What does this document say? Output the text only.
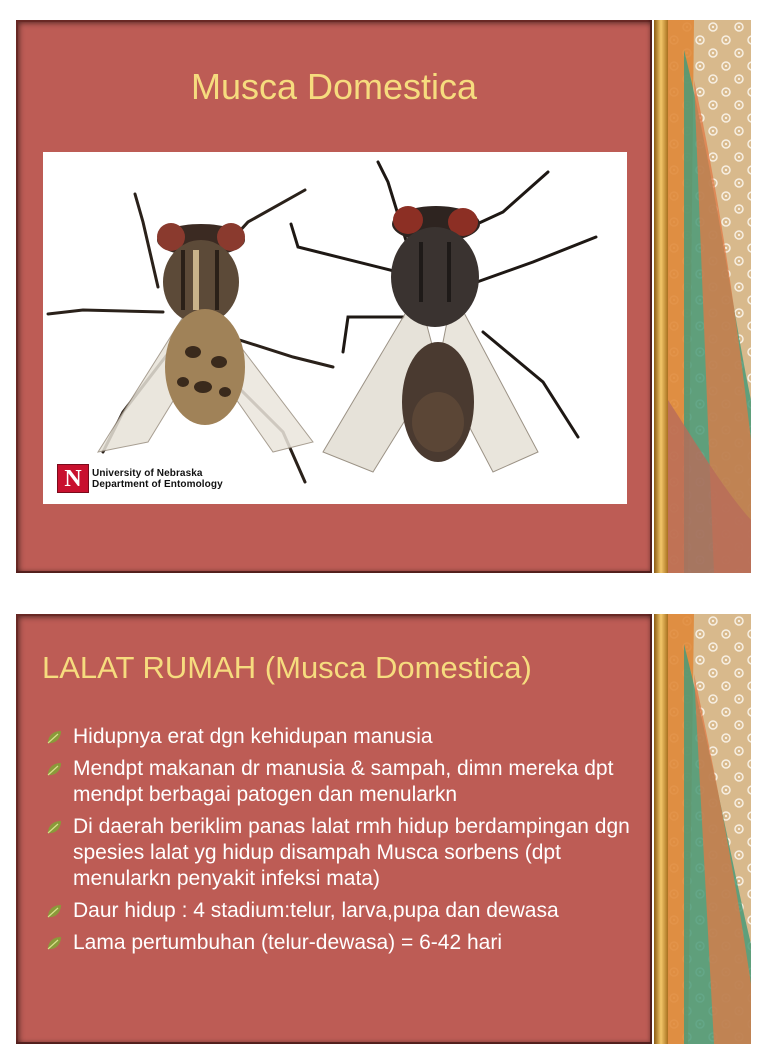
Musca Domestica
N	University of Nebraska
Department of Entomology
LALAT RUMAH (Musca Domestica)
Hidupnya erat dgn kehidupan manusia
Mendpt makanan dr manusia & sampah, dimn mereka dpt mendpt berbagai patogen dan menularkn
Di daerah beriklim panas lalat rmh hidup berdampingan dgn spesies lalat yg hidup disampah Musca sorbens (dpt menularkn penyakit infeksi mata)
Daur hidup : 4 stadium:telur, larva,pupa dan dewasa
Lama pertumbuhan (telur-dewasa) = 6-42 hari
